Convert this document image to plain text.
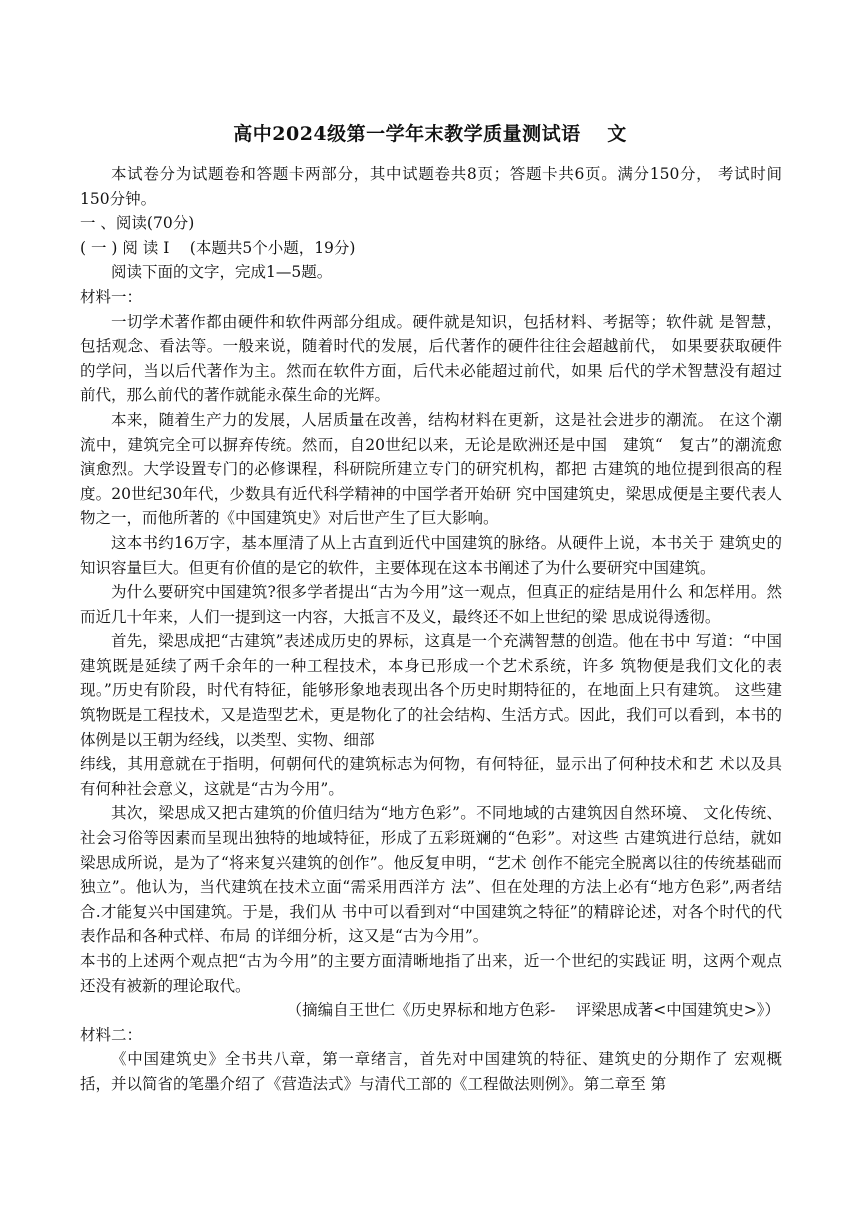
高中2024级第一学年末教学质量测试语　 文

本试卷分为试题卷和答题卡两部分，其中试题卷共8页；答题卡共6页。满分150分， 考试时间150分钟。

一 、阅读(70分)

( 一 ) 阅 读 I 　(本题共5个小题，19分)

阅读下面的文字，完成1—5题。

材料一：

一切学术著作都由硬件和软件两部分组成。硬件就是知识，包括材料、考据等；软件就 是智慧，包括观念、看法等。一般来说，随着时代的发展，后代著作的硬件往往会超越前代， 如果要获取硬件的学问，当以后代著作为主。然而在软件方面，后代未必能超过前代，如果 后代的学术智慧没有超过前代，那么前代的著作就能永葆生命的光辉。

本来，随着生产力的发展，人居质量在改善，结构材料在更新，这是社会进步的潮流。 在这个潮流中，建筑完全可以摒弃传统。然而，自20世纪以来，无论是欧洲还是中国　建筑“　复古”的潮流愈演愈烈。大学设置专门的必修课程，科研院所建立专门的研究机构，都把 古建筑的地位提到很高的程度。20世纪30年代，少数具有近代科学精神的中国学者开始研 究中国建筑史，梁思成便是主要代表人物之一，而他所著的《中国建筑史》对后世产生了巨大影响。

这本书约16万字，基本厘清了从上古直到近代中国建筑的脉络。从硬件上说，本书关于 建筑史的知识容量巨大。但更有价值的是它的软件，主要体现在这本书阐述了为什么要研究中国建筑。

为什么要研究中国建筑?很多学者提出“古为今用”这一观点，但真正的症结是用什么 和怎样用。然而近几十年来，人们一提到这一内容，大抵言不及义，最终还不如上世纪的梁 思成说得透彻。

首先，梁思成把“古建筑”表述成历史的界标，这真是一个充满智慧的创造。他在书中 写道：“中国建筑既是延续了两千余年的一种工程技术，本身已形成一个艺术系统，许多 筑物便是我们文化的表现。”历史有阶段，时代有特征，能够形象地表现出各个历史时期特征的，在地面上只有建筑。 这些建筑物既是工程技术，又是造型艺术，更是物化了的社会结构、生活方式。因此，我们可以看到，本书的体例是以王朝为经线，以类型、实物、细部

纬线，其用意就在于指明，何朝何代的建筑标志为何物，有何特征，显示出了何种技术和艺 术以及具有何种社会意义，这就是“古为今用”。

其次，梁思成又把古建筑的价值归结为“地方色彩”。不同地域的古建筑因自然环境、 文化传统、社会习俗等因素而呈现出独特的地域特征，形成了五彩斑斓的“色彩”。对这些 古建筑进行总结，就如梁思成所说，是为了“将来复兴建筑的创作”。他反复申明，“艺术 创作不能完全脱离以往的传统基础而独立”。他认为，当代建筑在技术立面“需采用西洋方 法”、但在处理的方法上必有“地方色彩”,两者结合.才能复兴中国建筑。于是，我们从 书中可以看到对“中国建筑之特征”的精辟论述，对各个时代的代表作品和各种式样、布局 的详细分析，这又是“古为今用”。

本书的上述两个观点把“古为今用”的主要方面清晰地指了出来，近一个世纪的实践证 明，这两个观点还没有被新的理论取代。

（摘编自王世仁《历史界标和地方色彩- 　评梁思成著<中国建筑史>》）

材料二：

《中国建筑史》全书共八章，第一章绪言，首先对中国建筑的特征、建筑史的分期作了 宏观概括，并以简省的笔墨介绍了《营造法式》与清代工部的《工程做法则例》。第二章至 第
